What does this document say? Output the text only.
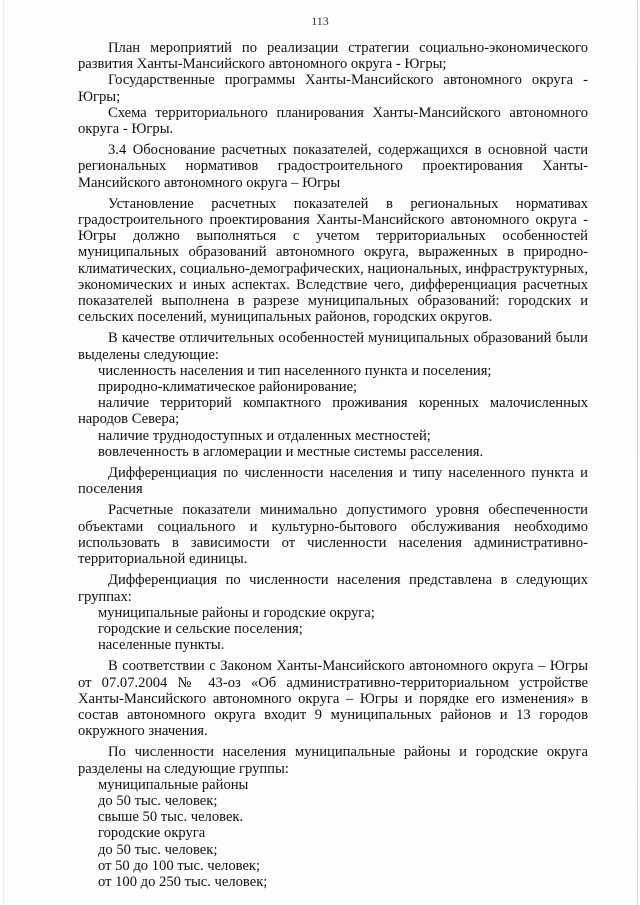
113

План мероприятий по реализации стратегии социально-экономического развития Ханты-Мансийского автономного округа - Югры;

Государственные программы Ханты-Мансийского автономного округа - Югры;

Схема территориального планирования Ханты-Мансийского автономного округа - Югры.

3.4 Обоснование расчетных показателей, содержащихся в основной части региональных нормативов градостроительного проектирования Ханты-Мансийского автономного округа – Югры

Установление расчетных показателей в региональных нормативах градостроительного проектирования Ханты-Мансийского автономного округа - Югры должно выполняться с учетом территориальных особенностей муниципальных образований автономного округа, выраженных в природно-климатических, социально-демографических, национальных, инфраструктурных, экономических и иных аспектах. Вследствие чего, дифференциация расчетных показателей выполнена в разрезе муниципальных образований: городских и сельских поселений, муниципальных районов, городских округов.

В качестве отличительных особенностей муниципальных образований были выделены следующие:

численность населения и тип населенного пункта и поселения;

природно-климатическое районирование;

наличие территорий компактного проживания коренных малочисленных народов Севера;

наличие труднодоступных и отдаленных местностей;

вовлеченность в агломерации и местные системы расселения.

Дифференциация по численности населения и типу населенного пункта и поселения

Расчетные показатели минимально допустимого уровня обеспеченности объектами социального и культурно-бытового обслуживания необходимо использовать в зависимости от численности населения административно-территориальной единицы.

Дифференциация по численности населения представлена в следующих группах:

муниципальные районы и городские округа;

городские и сельские поселения;

населенные пункты.

В соответствии с Законом Ханты-Мансийского автономного округа – Югры от 07.07.2004 № 43-оз «Об административно-территориальном устройстве Ханты-Мансийского автономного округа – Югры и порядке его изменения» в состав автономного округа входит 9 муниципальных районов и 13 городов окружного значения.

По численности населения муниципальные районы и городские округа разделены на следующие группы:

муниципальные районы

до 50 тыс. человек;

свыше 50 тыс. человек.

городские округа

до 50 тыс. человек;

от 50 до 100 тыс. человек;

от 100 до 250 тыс. человек;
